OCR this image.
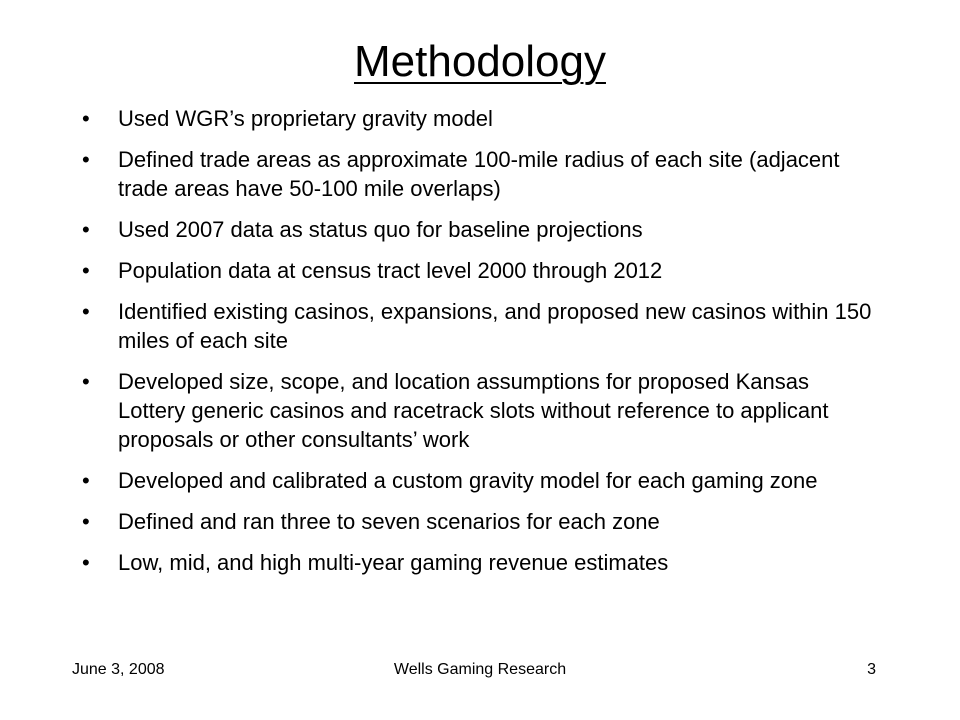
Methodology
• Used WGR’s proprietary gravity model
• Defined trade areas as approximate 100-mile radius of each site (adjacent trade areas have 50-100 mile overlaps)
• Used 2007 data as status quo for baseline projections
• Population data at census tract level 2000 through 2012
• Identified existing casinos, expansions, and proposed new casinos within 150 miles of each site
• Developed size, scope, and location assumptions for proposed Kansas Lottery generic casinos and racetrack slots without reference to applicant proposals or other consultants’ work
• Developed and calibrated a custom gravity model for each gaming zone
• Defined and ran three to seven scenarios for each zone
• Low, mid, and high multi-year gaming revenue estimates
June 3, 2008	Wells Gaming Research	3
